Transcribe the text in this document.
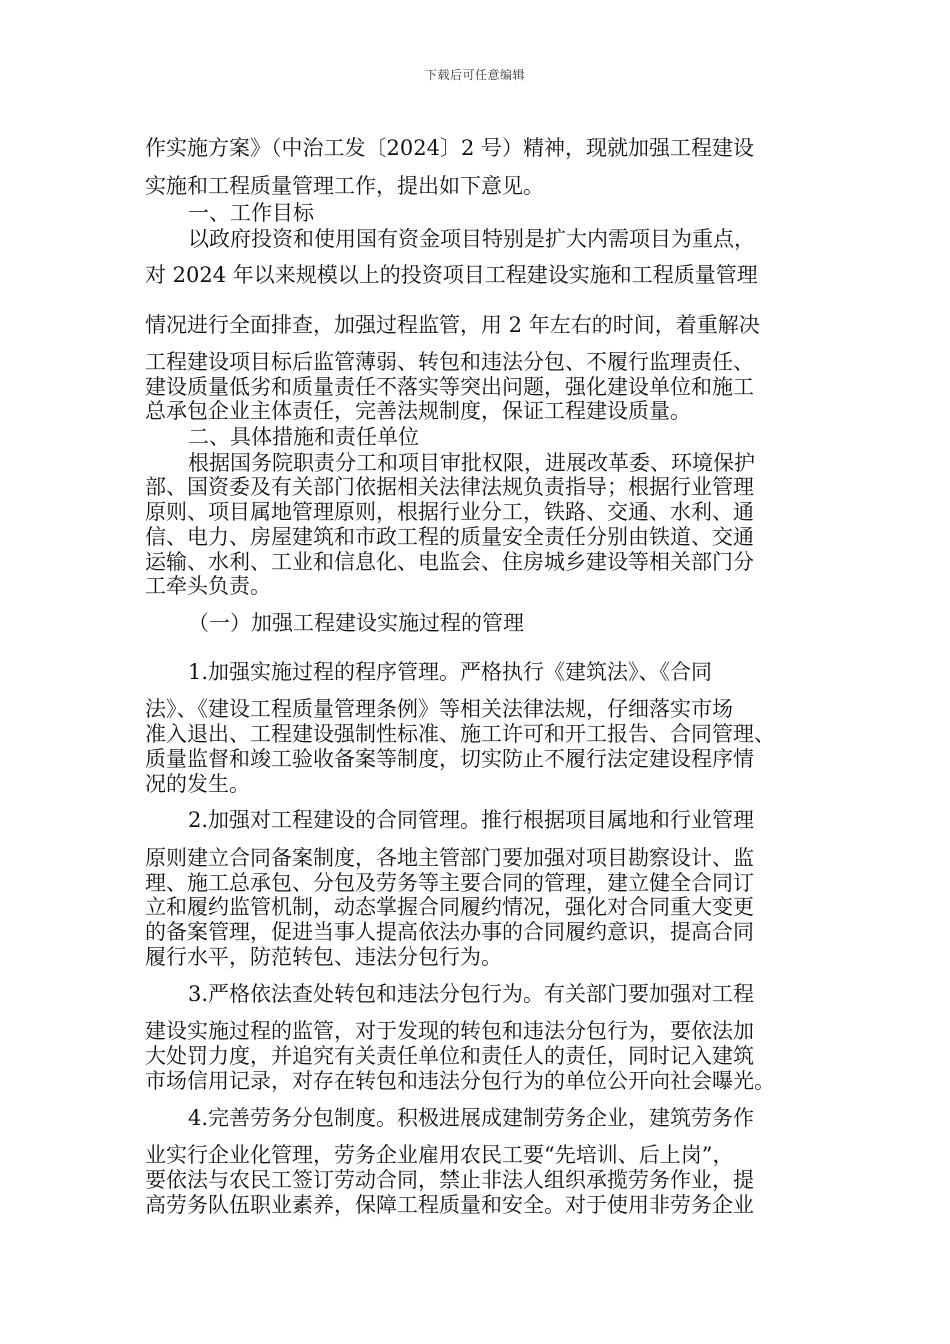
下载后可任意编辑
作实施方案》（中治工发〔2024〕2 号）精神，现就加强工程建设
实施和工程质量管理工作，提出如下意见。
一、工作目标
以政府投资和使用国有资金项目特别是扩大内需项目为重点，
对 2024 年以来规模以上的投资项目工程建设实施和工程质量管理
情况进行全面排查，加强过程监管，用 2 年左右的时间，着重解决
工程建设项目标后监管薄弱、转包和违法分包、不履行监理责任、
建设质量低劣和质量责任不落实等突出问题，强化建设单位和施工
总承包企业主体责任，完善法规制度，保证工程建设质量。
二、具体措施和责任单位
根据国务院职责分工和项目审批权限，进展改革委、环境保护
部、国资委及有关部门依据相关法律法规负责指导；根据行业管理
原则、项目属地管理原则，根据行业分工，铁路、交通、水利、通
信、电力、房屋建筑和市政工程的质量安全责任分别由铁道、交通
运输、水利、工业和信息化、电监会、住房城乡建设等相关部门分
工牵头负责。
（一）加强工程建设实施过程的管理
1.加强实施过程的程序管理。严格执行《建筑法》、《合同
法》、《建设工程质量管理条例》等相关法律法规，仔细落实市场
准入退出、工程建设强制性标准、施工许可和开工报告、合同管理、
质量监督和竣工验收备案等制度，切实防止不履行法定建设程序情
况的发生。
2.加强对工程建设的合同管理。推行根据项目属地和行业管理
原则建立合同备案制度，各地主管部门要加强对项目勘察设计、监
理、施工总承包、分包及劳务等主要合同的管理，建立健全合同订
立和履约监管机制，动态掌握合同履约情况，强化对合同重大变更
的备案管理，促进当事人提高依法办事的合同履约意识，提高合同
履行水平，防范转包、违法分包行为。
3.严格依法查处转包和违法分包行为。有关部门要加强对工程
建设实施过程的监管，对于发现的转包和违法分包行为，要依法加
大处罚力度，并追究有关责任单位和责任人的责任，同时记入建筑
市场信用记录，对存在转包和违法分包行为的单位公开向社会曝光。
4.完善劳务分包制度。积极进展成建制劳务企业，建筑劳务作
业实行企业化管理，劳务企业雇用农民工要“先培训、后上岗”，
要依法与农民工签订劳动合同，禁止非法人组织承揽劳务作业，提
高劳务队伍职业素养，保障工程质量和安全。对于使用非劳务企业
